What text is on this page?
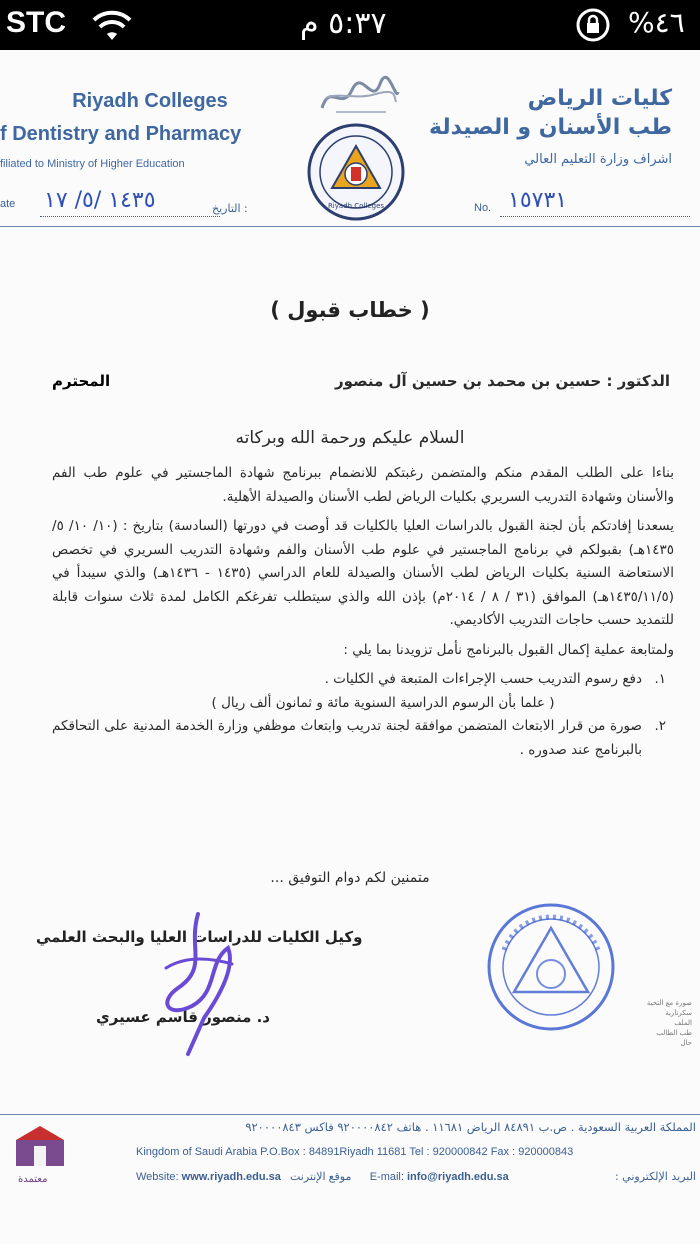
STC	٥:٣٧ م	%٤٦
Riyadh Colleges
f Dentistry and Pharmacy
filiated to Ministry of Higher Education
كليات الرياض
طب الأسنان و الصيدلة
اشراف وزارة التعليم العالي
Riyadh Colleges
ate ١٤٣٥ /٥/ ١٧	التاريخ :	No. ١٥٧٣١
( خطاب قبول )
الدكتور : حسين بن محمد بن حسين آل منصور
المحترم
السلام عليكم ورحمة الله وبركاته

بناءا على الطلب المقدم منكم والمتضمن رغبتكم للانضمام ببرنامج شهادة الماجستير في علوم طب الفم والأسنان وشهادة التدريب السريري بكليات الرياض لطب الأسنان والصيدلة الأهلية.

يسعدنا إفادتكم بأن لجنة القبول بالدراسات العليا بالكليات قد أوصت في دورتها (السادسة) بتاريخ : (١٠/ ١٠/ ٥/ ١٤٣٥هـ) بقبولكم في برنامج الماجستير في علوم طب الأسنان والفم وشهادة التدريب السريري في تخصص الاستعاضة السنية بكليات الرياض لطب الأسنان والصيدلة للعام الدراسي (١٤٣٥ - ١٤٣٦هـ) والذي سيبدأ في (١٤٣٥/١١/٥هـ) الموافق (٣١ / ٨ / ٢٠١٤م) بإذن الله والذي سيتطلب تفرغكم الكامل لمدة ثلاث سنوات قابلة للتمديد حسب حاجات التدريب الأكاديمي.

ولمتابعة عملية إكمال القبول بالبرنامج نأمل تزويدنا بما يلي :

١.
دفع رسوم التدريب حسب الإجراءات المتبعة في الكليات .

( علما بأن الرسوم الدراسية السنوية مائة و ثمانون ألف ريال )

٢.
صورة من قرار الابتعاث المتضمن موافقة لجنة تدريب وابتعاث موظفي وزارة الخدمة المدنية على التحاقكم بالبرنامج عند صدوره .
متمنين لكم دوام التوفيق ...
وكيل الكليات للدراسات العليا والبحث العلمي
د. منصور قاسم عسيري
صورة مع التحية
سكرتارية
الملف
طب الطالب
حال
المملكة العربية السعودية . ص.ب ٨٤٨٩١ الرياض ١١٦٨١ . هاتف ٩٢٠٠٠٠٨٤٢ فاكس ٩٢٠٠٠٠٨٤٣
Kingdom of Saudi Arabia P.O.Box : 84891Riyadh 11681 Tel : 920000842 Fax : 920000843
Website: www.riyadh.edu.sa موقع الإنترنت E-mail: info@riyadh.edu.sa	البريد الإلكتروني :
معتمدة
